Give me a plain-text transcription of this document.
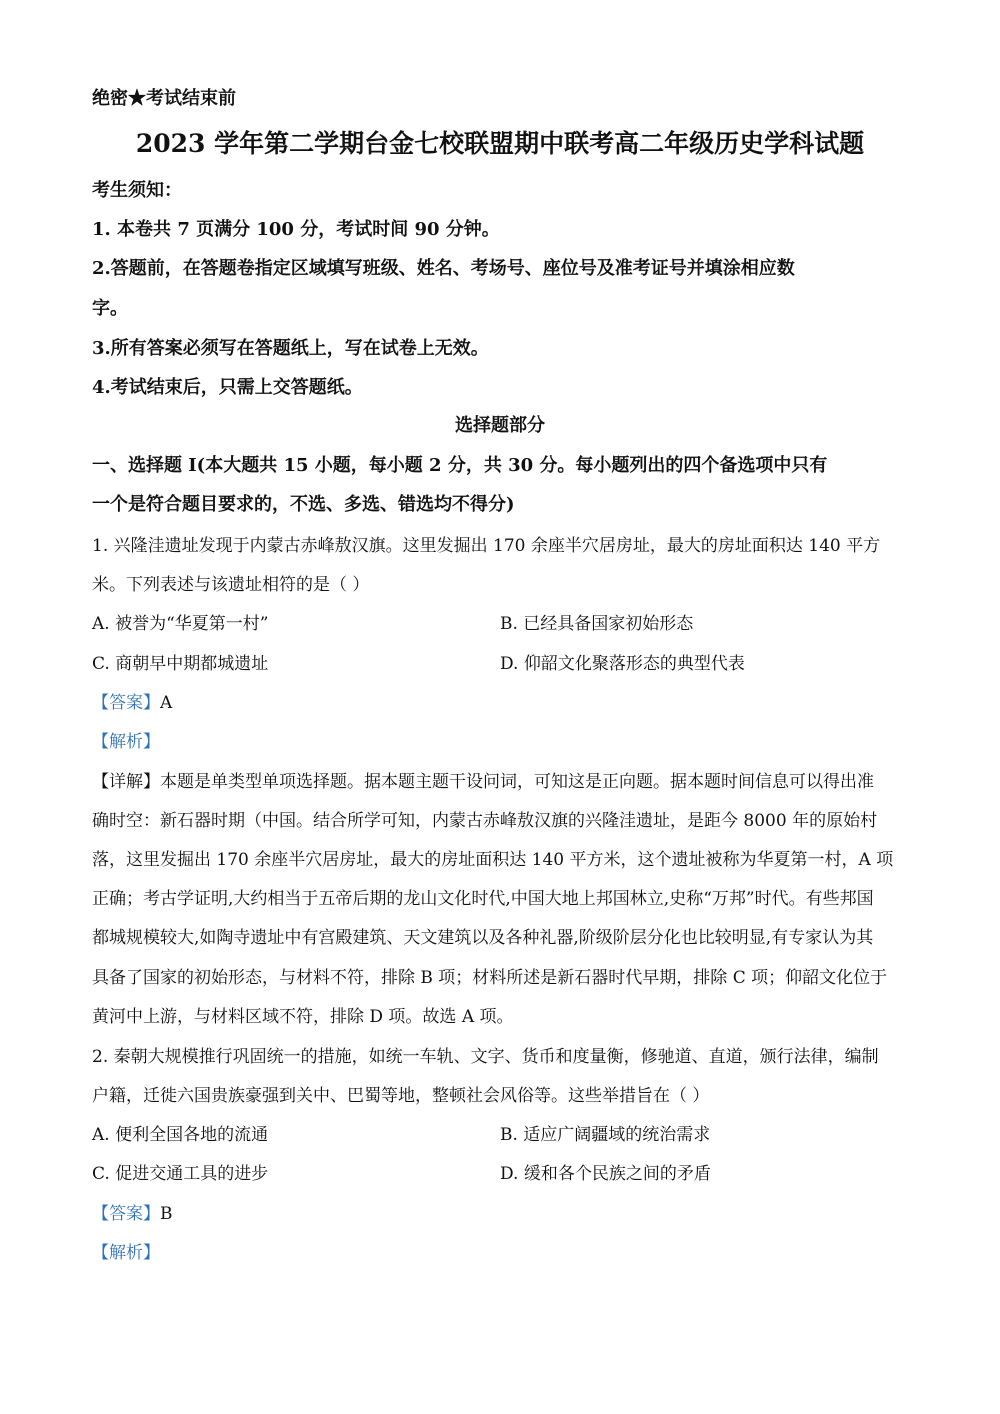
绝密★考试结束前
2023 学年第二学期台金七校联盟期中联考高二年级历史学科试题
考生须知：
1. 本卷共 7 页满分 100 分，考试时间 90 分钟。
2.答题前，在答题卷指定区域填写班级、姓名、考场号、座位号及准考证号并填涂相应数
字。
3.所有答案必须写在答题纸上，写在试卷上无效。
4.考试结束后，只需上交答题纸。
选择题部分
一、选择题 Ⅰ(本大题共 15 小题，每小题 2 分，共 30 分。每小题列出的四个备选项中只有
一个是符合题目要求的，不选、多选、错选均不得分)
1. 兴隆洼遗址发现于内蒙古赤峰敖汉旗。这里发掘出 170 余座半穴居房址，最大的房址面积达 140 平方
米。下列表述与该遗址相符的是（ ）
A. 被誉为“华夏第一村”	B. 已经具备国家初始形态
C. 商朝早中期都城遗址	D. 仰韶文化聚落形态的典型代表
【答案】A
【解析】
【详解】本题是单类型单项选择题。据本题主题干设问词，可知这是正向题。据本题时间信息可以得出准
确时空：新石器时期（中国。结合所学可知，内蒙古赤峰敖汉旗的兴隆洼遗址，是距今 8000 年的原始村
落，这里发掘出 170 余座半穴居房址，最大的房址面积达 140 平方米，这个遗址被称为华夏第一村，A 项
正确；考古学证明,大约相当于五帝后期的龙山文化时代,中国大地上邦国林立,史称“万邦”时代。有些邦国
都城规模较大,如陶寺遗址中有宫殿建筑、天文建筑以及各种礼器,阶级阶层分化也比较明显,有专家认为其
具备了国家的初始形态，与材料不符，排除 B 项；材料所述是新石器时代早期，排除 C 项；仰韶文化位于
黄河中上游，与材料区域不符，排除 D 项。故选 A 项。
2. 秦朝大规模推行巩固统一的措施，如统一车轨、文字、货币和度量衡，修驰道、直道，颁行法律，编制
户籍，迁徙六国贵族豪强到关中、巴蜀等地，整顿社会风俗等。这些举措旨在（ ）
A. 便利全国各地的流通	B. 适应广阔疆域的统治需求
C. 促进交通工具的进步	D. 缓和各个民族之间的矛盾
【答案】B
【解析】
